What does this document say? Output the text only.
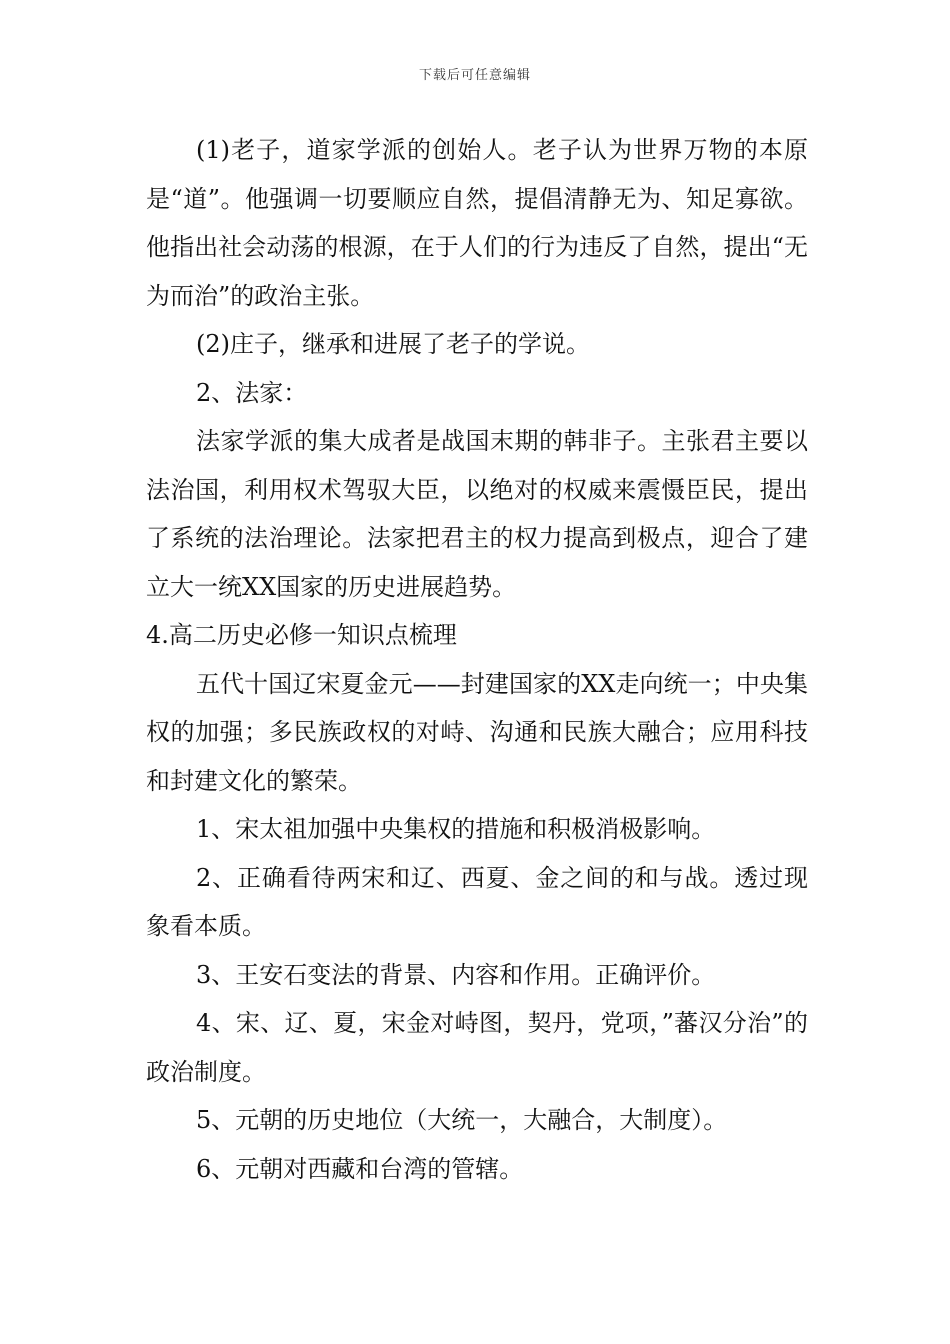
下载后可任意编辑

(1)老子，道家学派的创始人。老子认为世界万物的本原是“道”。他强调一切要顺应自然，提倡清静无为、知足寡欲。他指出社会动荡的根源，在于人们的行为违反了自然，提出“无为而治”的政治主张。

(2)庄子，继承和进展了老子的学说。

2、法家：

法家学派的集大成者是战国末期的韩非子。主张君主要以法治国，利用权术驾驭大臣，以绝对的权威来震慑臣民，提出了系统的法治理论。法家把君主的权力提高到极点，迎合了建立大一统XX国家的历史进展趋势。

4.高二历史必修一知识点梳理

五代十国辽宋夏金元——封建国家的XX走向统一；中央集权的加强；多民族政权的对峙、沟通和民族大融合；应用科技和封建文化的繁荣。

1、宋太祖加强中央集权的措施和积极消极影响。

2、正确看待两宋和辽、西夏、金之间的和与战。透过现象看本质。

3、王安石变法的背景、内容和作用。正确评价。

4、宋、辽、夏，宋金对峙图，契丹，党项，”蕃汉分治”的政治制度。

5、元朝的历史地位（大统一，大融合，大制度）。

6、元朝对西藏和台湾的管辖。
